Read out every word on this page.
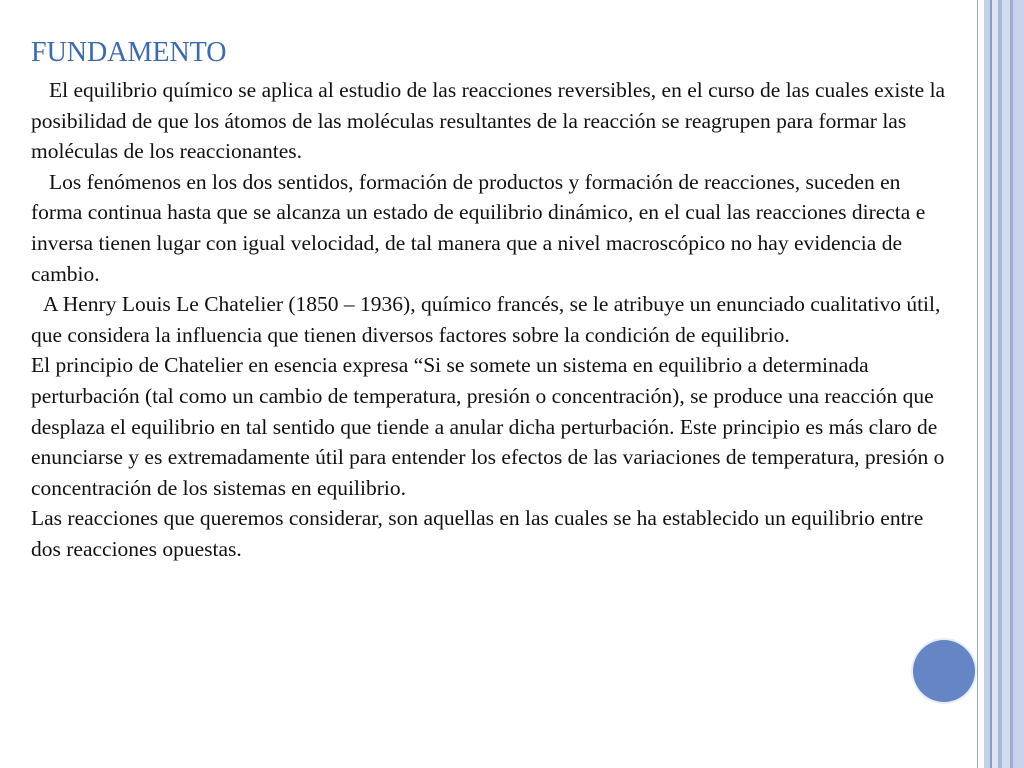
FUNDAMENTO

El equilibrio químico se aplica al estudio de las reacciones reversibles, en el curso de las cuales existe la posibilidad de que los átomos de las moléculas resultantes de la reacción se reagrupen para formar las moléculas de los reaccionantes.

Los fenómenos en los dos sentidos, formación de productos y formación de reacciones, suceden en forma continua hasta que se alcanza un estado de equilibrio dinámico, en el cual las reacciones directa e inversa tienen lugar con igual velocidad, de tal manera que a nivel macroscópico no hay evidencia de cambio.

A Henry Louis Le Chatelier (1850 – 1936), químico francés, se le atribuye un enunciado cualitativo útil, que considera la influencia que tienen diversos factores sobre la condición de equilibrio.

El principio de Chatelier en esencia expresa “Si se somete un sistema en equilibrio a determinada perturbación (tal como un cambio de temperatura, presión o concentración), se produce una reacción que desplaza el equilibrio en tal sentido que tiende a anular dicha perturbación. Este principio es más claro de enunciarse y es extremadamente útil para entender los efectos de las variaciones de temperatura, presión o concentración de los sistemas en equilibrio.

Las reacciones que queremos considerar, son aquellas en las cuales se ha establecido un equilibrio entre dos reacciones opuestas.
